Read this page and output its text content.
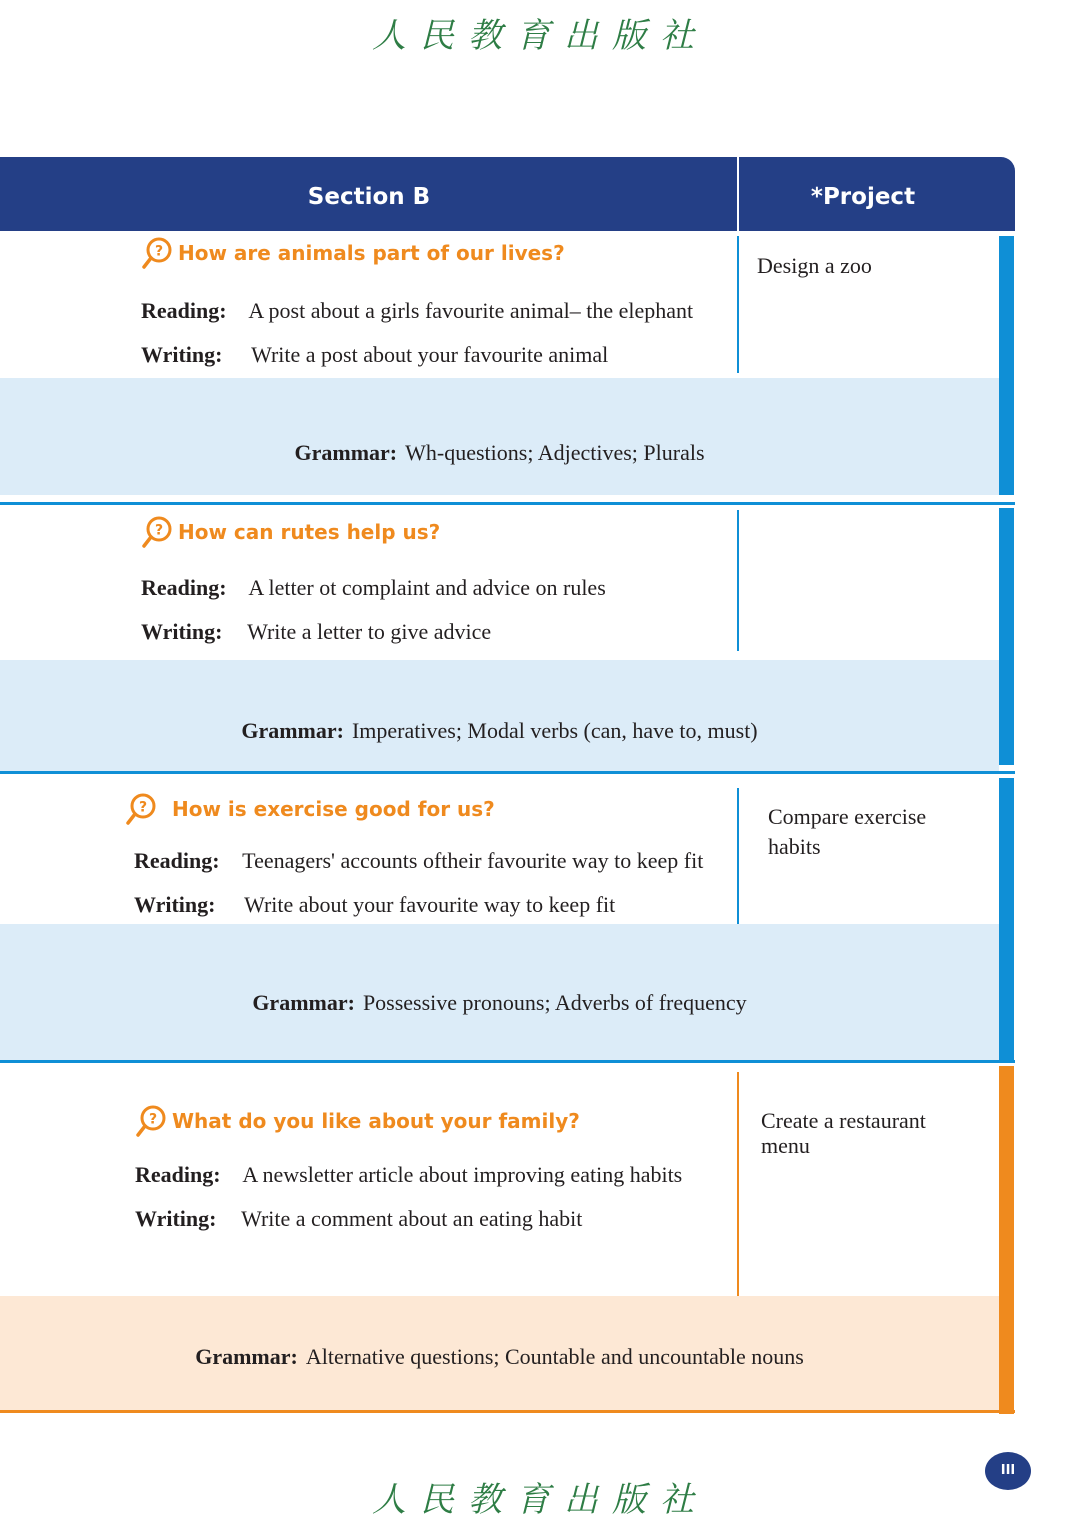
人民教育出版社
Section B	*Project
? How are animals part of our lives?
Reading: A post about a girls favourite animal– the elephant
Writing: Write a post about your favourite animal
Design a zoo
Grammar: Wh-questions; Adjectives; Plurals
? How can rutes help us?
Reading: A letter ot complaint and advice on rules
Writing: Write a letter to give advice
Grammar: Imperatives; Modal verbs (can, have to, must)
? How is exercise good for us?
Reading: Teenagers' accounts oftheir favourite way to keep fit
Writing: Write about your favourite way to keep fit
Compare exercise habits
Grammar: Possessive pronouns; Adverbs of frequency
? What do you like about your family?
Reading: A newsletter article about improving eating habits
Writing: Write a comment about an eating habit
Create a restaurant menu
Grammar: Alternative questions; Countable and uncountable nouns
III
人民教育出版社
